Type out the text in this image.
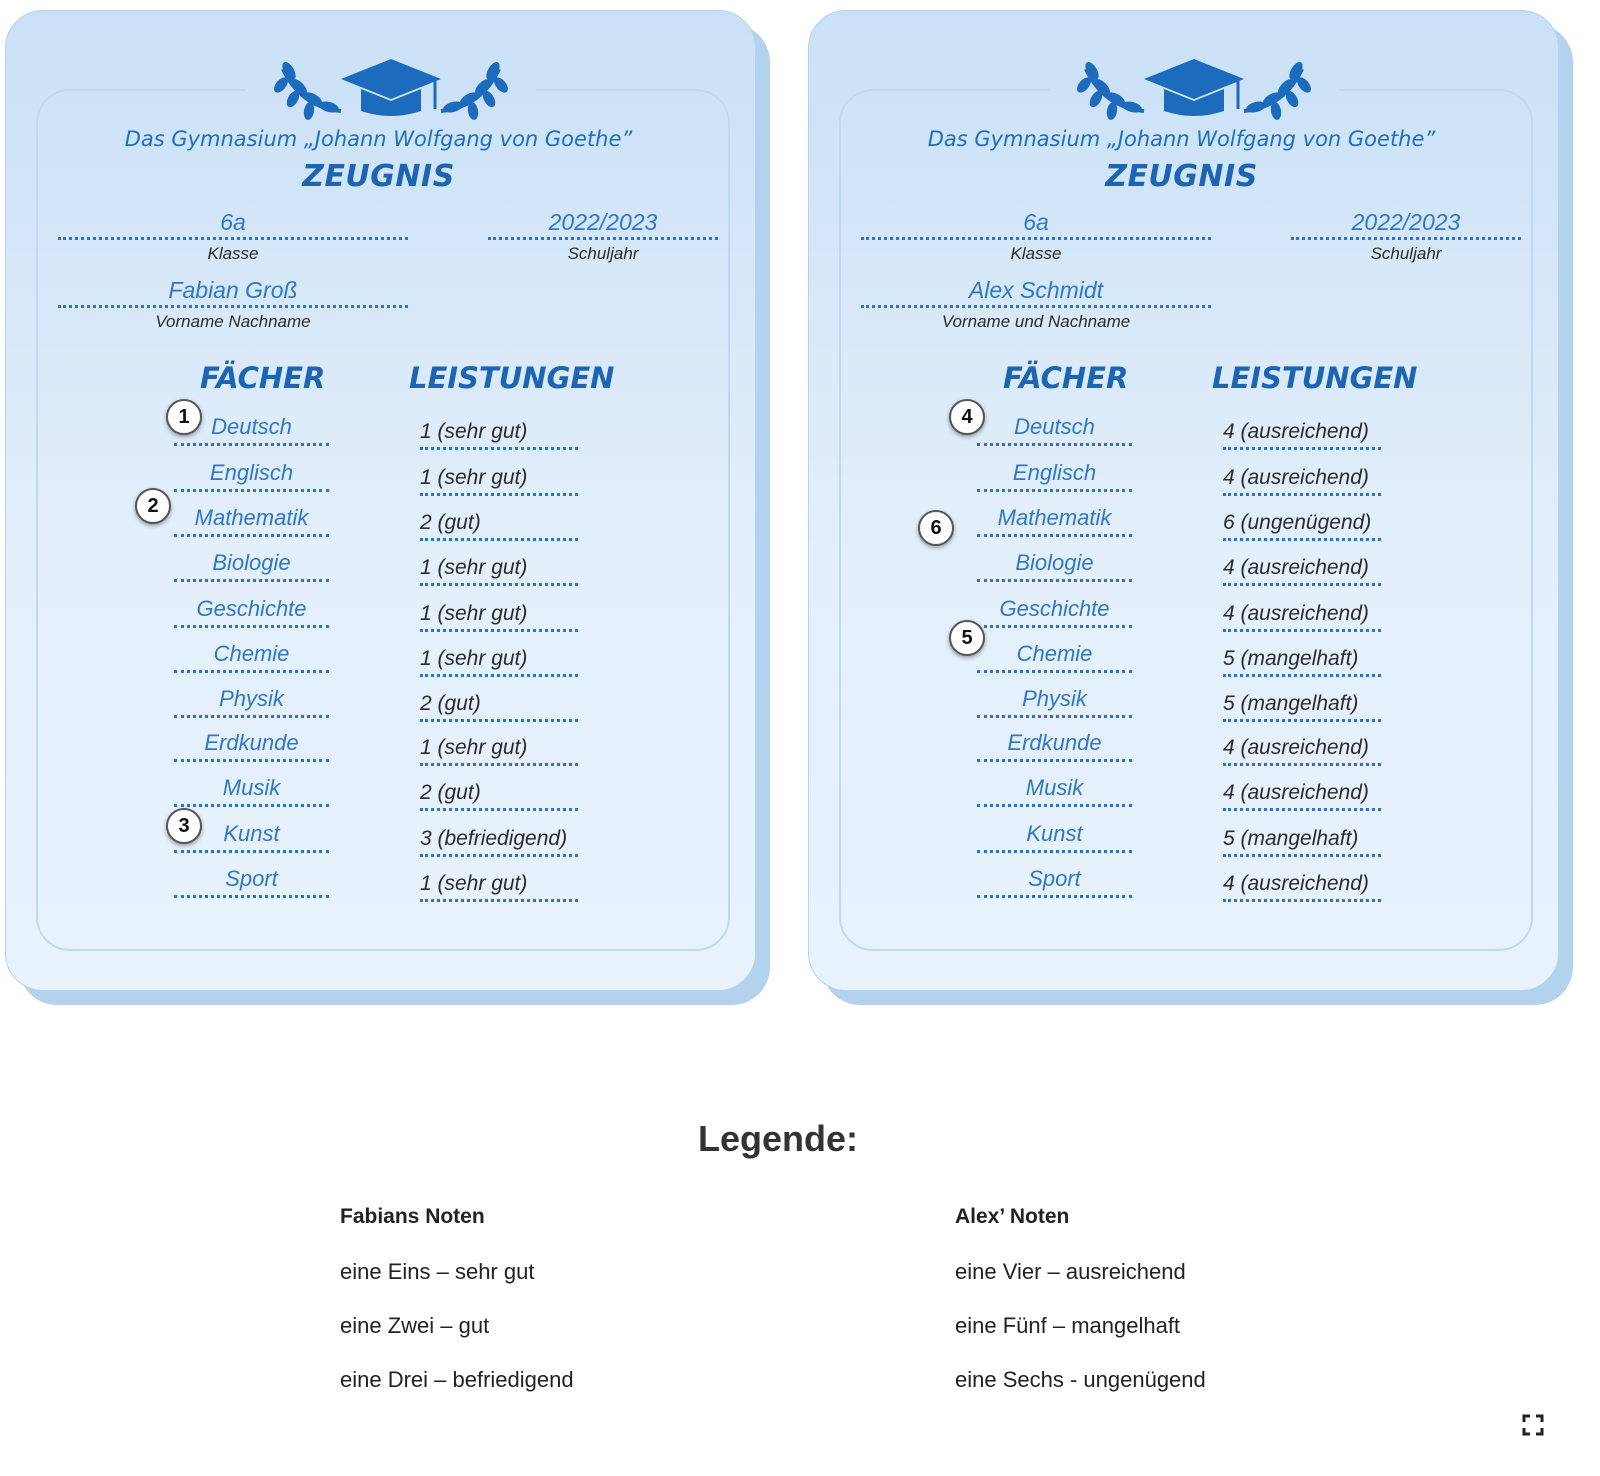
Das Gymnasium „Johann Wolfgang von Goethe”
ZEUGNIS
6a
Klasse
2022/2023
Schuljahr
Fabian Groß
Vorname Nachname
FÄCHER	LEISTUNGEN
Deutsch	1 (sehr gut)
Englisch	1 (sehr gut)
Mathematik	2 (gut)
Biologie	1 (sehr gut)
Geschichte	1 (sehr gut)
Chemie	1 (sehr gut)
Physik	2 (gut)
Erdkunde	1 (sehr gut)
Musik	2 (gut)
Kunst	3 (befriedigend)
Sport	1 (sehr gut)
1
2
3
Das Gymnasium „Johann Wolfgang von Goethe”
ZEUGNIS
6a
Klasse
2022/2023
Schuljahr
Alex Schmidt
Vorname und Nachname
FÄCHER	LEISTUNGEN
Deutsch	4 (ausreichend)
Englisch	4 (ausreichend)
Mathematik	6 (ungenügend)
Biologie	4 (ausreichend)
Geschichte	4 (ausreichend)
Chemie	5 (mangelhaft)
Physik	5 (mangelhaft)
Erdkunde	4 (ausreichend)
Musik	4 (ausreichend)
Kunst	5 (mangelhaft)
Sport	4 (ausreichend)
4
6
5
Legende:
Fabians Noten
eine Eins – sehr gut
eine Zwei – gut
eine Drei – befriedigend
Alex’ Noten
eine Vier – ausreichend
eine Fünf – mangelhaft
eine Sechs - ungenügend
